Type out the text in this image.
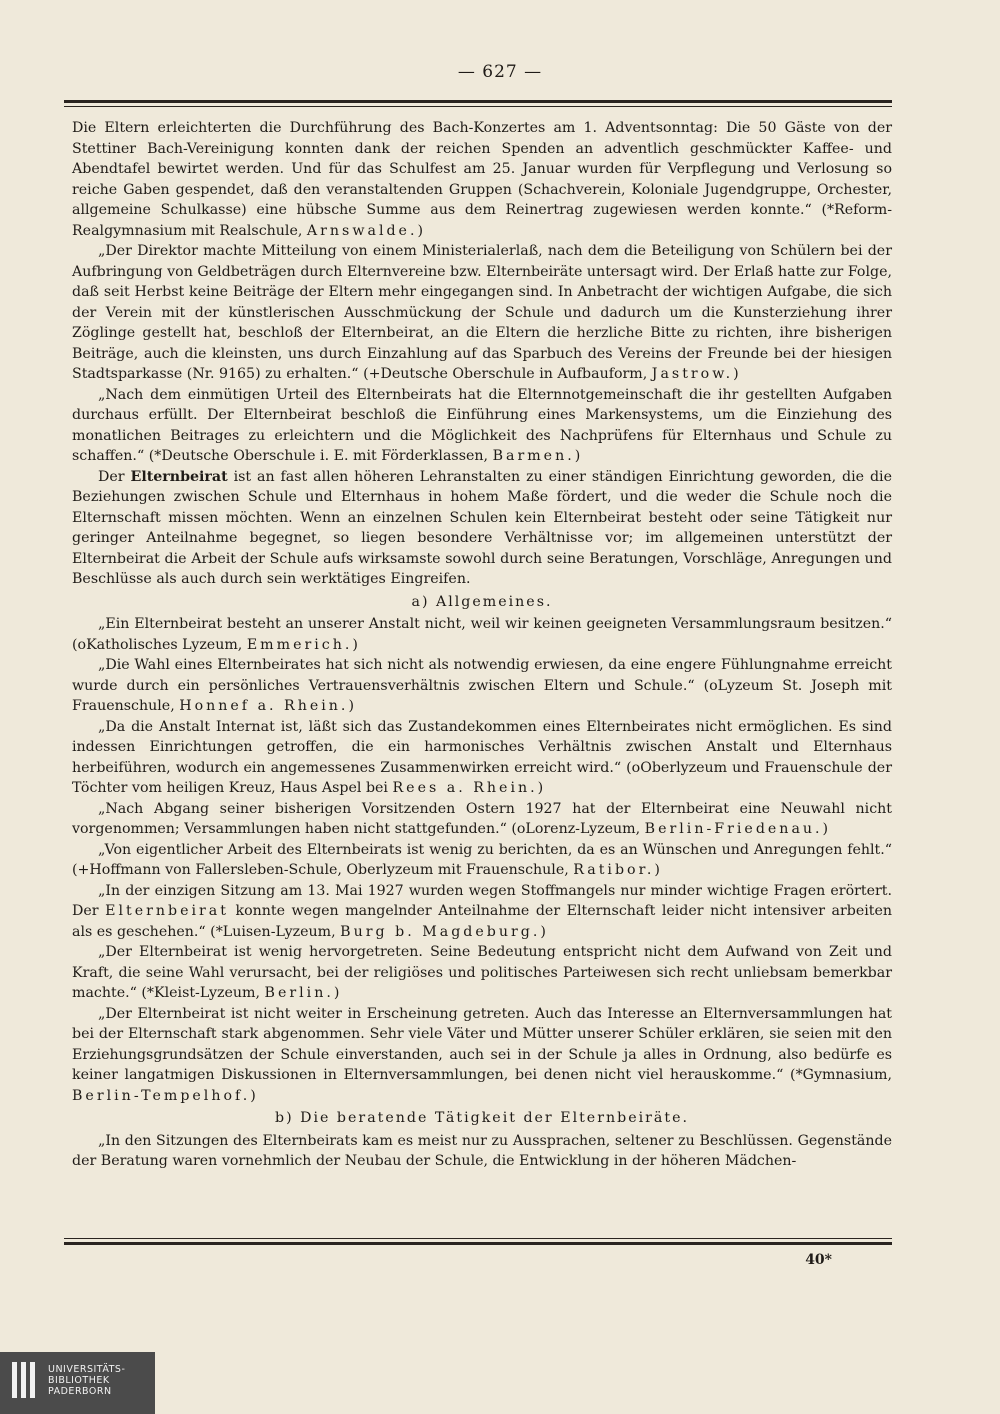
— 627 —

Die Eltern erleichterten die Durchführung des Bach-Konzertes am 1. Adventsonntag: Die 50 Gäste von der Stettiner Bach-Vereinigung konnten dank der reichen Spenden an adventlich geschmückter Kaffee- und Abendtafel bewirtet werden. Und für das Schulfest am 25. Januar wurden für Verpflegung und Verlosung so reiche Gaben gespendet, daß den veranstaltenden Gruppen (Schachverein, Koloniale Jugendgruppe, Orchester, allgemeine Schulkasse) eine hübsche Summe aus dem Reinertrag zugewiesen werden konnte.“ (*Reform-Realgymnasium mit Realschule, Arnswalde.)

„Der Direktor machte Mitteilung von einem Ministerialerlaß, nach dem die Beteiligung von Schülern bei der Aufbringung von Geldbeträgen durch Elternvereine bzw. Elternbeiräte untersagt wird. Der Erlaß hatte zur Folge, daß seit Herbst keine Beiträge der Eltern mehr eingegangen sind. In Anbetracht der wichtigen Aufgabe, die sich der Verein mit der künstlerischen Ausschmückung der Schule und dadurch um die Kunsterziehung ihrer Zöglinge gestellt hat, beschloß der Elternbeirat, an die Eltern die herzliche Bitte zu richten, ihre bisherigen Beiträge, auch die kleinsten, uns durch Einzahlung auf das Sparbuch des Vereins der Freunde bei der hiesigen Stadtsparkasse (Nr. 9165) zu erhalten.“ (+Deutsche Oberschule in Aufbauform, Jastrow.)

„Nach dem einmütigen Urteil des Elternbeirats hat die Elternnotgemeinschaft die ihr gestellten Aufgaben durchaus erfüllt. Der Elternbeirat beschloß die Einführung eines Markensystems, um die Einziehung des monatlichen Beitrages zu erleichtern und die Möglichkeit des Nachprüfens für Elternhaus und Schule zu schaffen.“ (*Deutsche Oberschule i. E. mit Förderklassen, Barmen.)

Der Elternbeirat ist an fast allen höheren Lehranstalten zu einer ständigen Einrichtung geworden, die die Beziehungen zwischen Schule und Elternhaus in hohem Maße fördert, und die weder die Schule noch die Elternschaft missen möchten. Wenn an einzelnen Schulen kein Elternbeirat besteht oder seine Tätigkeit nur geringer Anteilnahme begegnet, so liegen besondere Verhältnisse vor; im allgemeinen unterstützt der Elternbeirat die Arbeit der Schule aufs wirksamste sowohl durch seine Beratungen, Vorschläge, Anregungen und Beschlüsse als auch durch sein werktätiges Eingreifen.

a) Allgemeines.

„Ein Elternbeirat besteht an unserer Anstalt nicht, weil wir keinen geeigneten Versammlungsraum besitzen.“ (oKatholisches Lyzeum, Emmerich.)

„Die Wahl eines Elternbeirates hat sich nicht als notwendig erwiesen, da eine engere Fühlungnahme erreicht wurde durch ein persönliches Vertrauensverhältnis zwischen Eltern und Schule.“ (oLyzeum St. Joseph mit Frauenschule, Honnef a. Rhein.)

„Da die Anstalt Internat ist, läßt sich das Zustandekommen eines Elternbeirates nicht ermöglichen. Es sind indessen Einrichtungen getroffen, die ein harmonisches Verhältnis zwischen Anstalt und Elternhaus herbeiführen, wodurch ein angemessenes Zusammenwirken erreicht wird.“ (oOberlyzeum und Frauenschule der Töchter vom heiligen Kreuz, Haus Aspel bei Rees a. Rhein.)

„Nach Abgang seiner bisherigen Vorsitzenden Ostern 1927 hat der Elternbeirat eine Neuwahl nicht vorgenommen; Versammlungen haben nicht stattgefunden.“ (oLorenz-Lyzeum, Berlin-Friedenau.)

„Von eigentlicher Arbeit des Elternbeirats ist wenig zu berichten, da es an Wünschen und Anregungen fehlt.“ (+Hoffmann von Fallersleben-Schule, Oberlyzeum mit Frauenschule, Ratibor.)

„In der einzigen Sitzung am 13. Mai 1927 wurden wegen Stoffmangels nur minder wichtige Fragen erörtert. Der Elternbeirat konnte wegen mangelnder Anteilnahme der Elternschaft leider nicht intensiver arbeiten als es geschehen.“ (*Luisen-Lyzeum, Burg b. Magdeburg.)

„Der Elternbeirat ist wenig hervorgetreten. Seine Bedeutung entspricht nicht dem Aufwand von Zeit und Kraft, die seine Wahl verursacht, bei der religiöses und politisches Parteiwesen sich recht unliebsam bemerkbar machte.“ (*Kleist-Lyzeum, Berlin.)

„Der Elternbeirat ist nicht weiter in Erscheinung getreten. Auch das Interesse an Elternversammlungen hat bei der Elternschaft stark abgenommen. Sehr viele Väter und Mütter unserer Schüler erklären, sie seien mit den Erziehungsgrundsätzen der Schule einverstanden, auch sei in der Schule ja alles in Ordnung, also bedürfe es keiner langatmigen Diskussionen in Elternversammlungen, bei denen nicht viel herauskomme.“ (*Gymnasium, Berlin-Tempelhof.)

b) Die beratende Tätigkeit der Elternbeiräte.

„In den Sitzungen des Elternbeirats kam es meist nur zu Aussprachen, seltener zu Beschlüssen. Gegenstände der Beratung waren vornehmlich der Neubau der Schule, die Entwicklung in der höheren Mädchen-

40*
UNIVERSITÄTS-
BIBLIOTHEK
PADERBORN
